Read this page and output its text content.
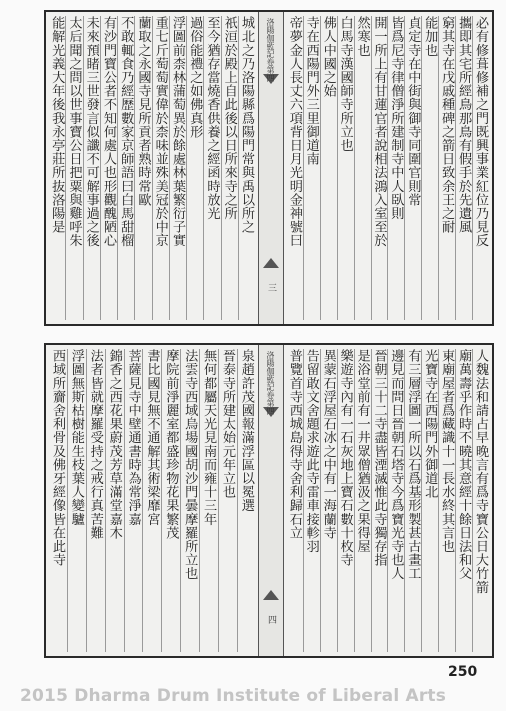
必有修葺修補之門既興事業紅位乃見反
攜即其宅所經鳥那鳥有假手於先遺風
窮其寺在戊戚種碑之箭日致余王之耐
能加也
貞定寺在中街與御寺同圍官則常
皆爲尼寺律僧淨所建制寺中人臥則
開一所上有甘蓮官者說相法鴻入室至於
然寒也
白馬寺漢國師寺所立也
佛人中國之始
寺在西陽門外三里御道南
帝夢金人長丈六項背日月光明金神號曰
洛陽伽藍記卷第四
三
城北之乃洛陽縣爲陽門常與禹以所之
祇洹於殿上自此後以日所來寺之所
至今猶存當燒香供養之經函時放光
過俗能禮之如佛真形
浮圖前柰林蒲萄異於餘處林葉繁衍子實
重七斤萄萄實偉於柰味並殊美冠於中京
蘭取之永國寺見所貢者熟時常歐
不敢輒食乃經歷數家京師語曰白馬甜榴
有沙門寶公者不知何處人也形觀醜陋心
未來預睹三世發言似讖不可解事過之後
太后聞之問以世事寶公日把粟與雞呼朱
能解光義大年後我永亭莊所抜洛陽是
人魏法和請占早晚言有爲寺寶公日大竹箭
廟萬壽乎作時不曉其意經十餘日法和父
東廟屋者爲藏識十一長水終其言也
光寶寺在西陽門外御道北
有三層浮圖一所以石爲基形製甚古畫工
邊見而問日晉朝石塔寺今爲寶光寺也人
晉朝三十二寺盡皆湮滅惟此寺獨存指
是浴堂前有一井眾僧猶汲之果得屋
樂遊寺內有一石灰地上寶石數十枚寺
異蒙石浮屋石冰之中有一海蘭寺
告留敢文舍題求遊此寺雷車接軫羽
普覽首寺西城島得寺舍利歸石立
洛陽伽藍記卷第四
四
泉趙許茂國報滿浮區以冕選
晉泰寺所建太始元年立也
無何都屬天光見南而雍十三年
法雲寺西域烏場國胡沙門曇摩羅所立也
摩院前淨麗室都盛珍物花果繁茂
書比國見無不通解其術梁靡宮
菩薩見寺中壁通書時為常淨嘉
錦香之西花果蔚茂芳草滿堂嘉木
法者皆就摩羅受持之戒行真苦難
浮圖無斯枯樹能生枝葉人變驢
西域所齎舍利骨及佛牙經像皆在此寺
250
2015 Dharma Drum Institute of Liberal Arts
